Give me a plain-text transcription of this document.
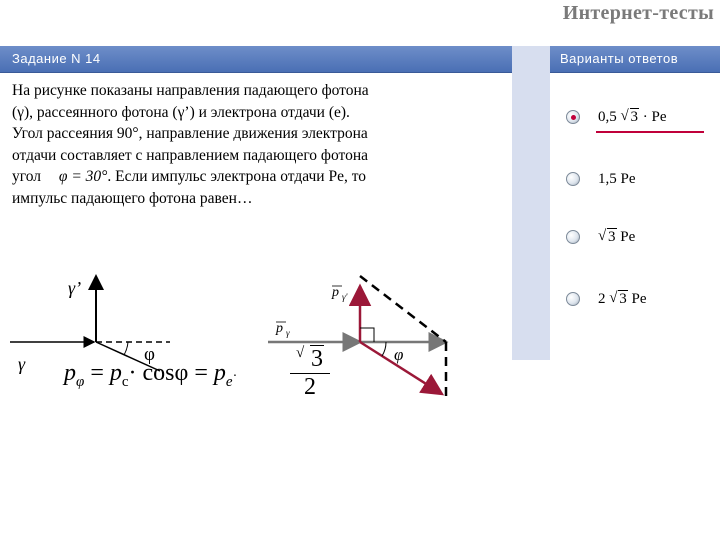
Интернет-тесты
Задание N 14
На рисунке показаны направления падающего фотона
(γ), рассеянного фотона (γ’) и электрона отдачи (e).
Угол рассеяния 90°, направление движения электрона
отдачи составляет с направлением падающего фотона
угол φ = 30°. Если импульс электрона отдачи Pe, то
импульс падающего фотона равен…
γ’
γ	φ	φ
p γ'
p γ
Варианты ответов
0,5 √ 3 · Pe
1,5 Pe
√ 3 Pe
2 √ 3 Pe
$p_\varphi = p_c\cdot \cos\varphi = p_e\cdot$ √ $\frac{3}{2}$
